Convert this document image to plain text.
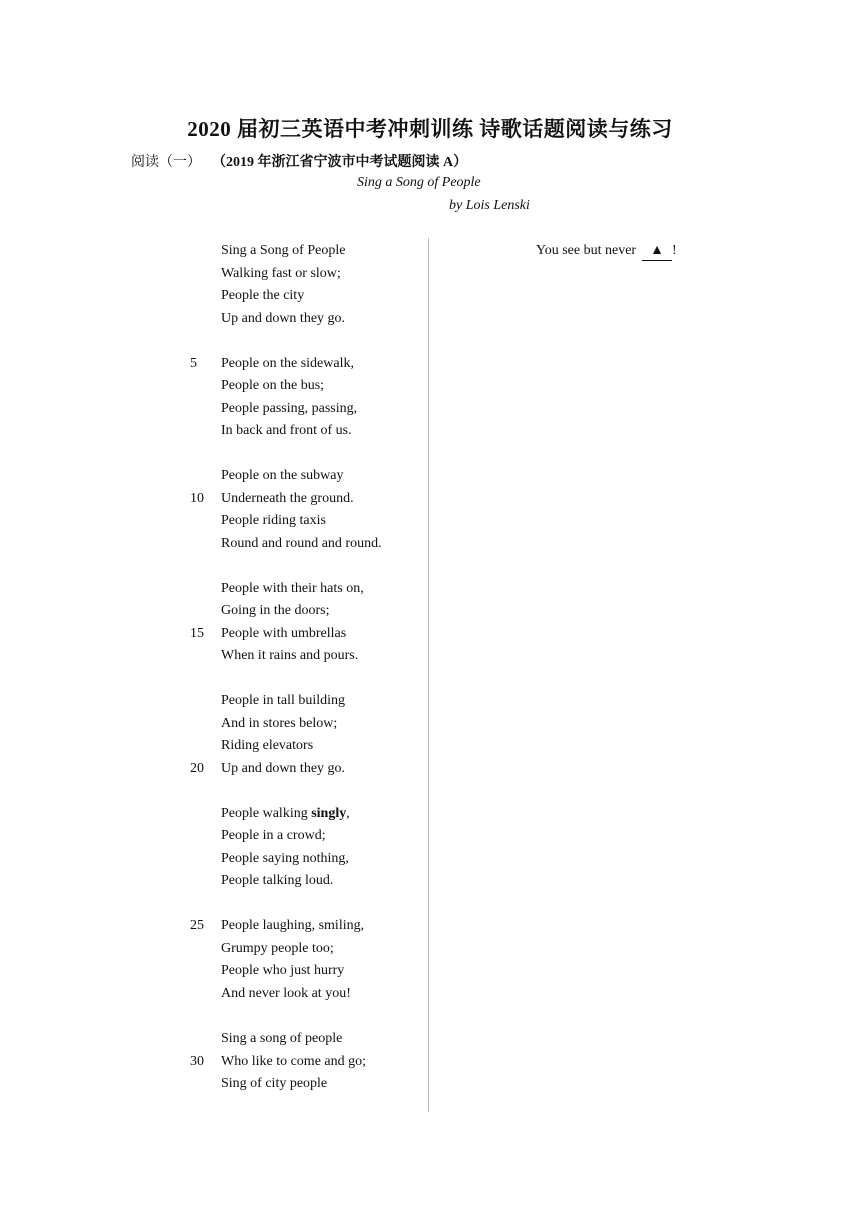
2020 届初三英语中考冲刺训练 诗歌话题阅读与练习
阅读（一） （2019 年浙江省宁波市中考试题阅读 A）
Sing a Song of People
by Lois Lenski
Sing a Song of People
Walking fast or slow;
People the city
Up and down they go.
5 People on the sidewalk,
People on the bus;
People passing, passing,
In back and front of us.
People on the subway
10 Underneath the ground.
People riding taxis
Round and round and round.
People with their hats on,
Going in the doors;
15 People with umbrellas
When it rains and pours.
People in tall building
And in stores below;
Riding elevators
20 Up and down they go.
People walking singly,
People in a crowd;
People saying nothing,
People talking loud.
25 People laughing, smiling,
Grumpy people too;
People who just hurry
And never look at you!
Sing a song of people
30 Who like to come and go;
Sing of city people
You see but never ▲ !
